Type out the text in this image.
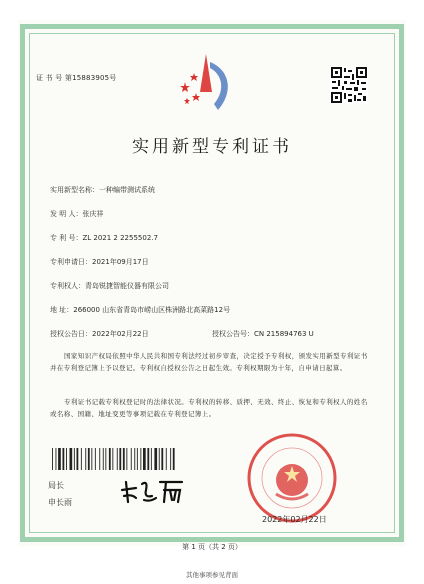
证 书 号 第15883905号
实用新型专利证书
实用新型名称：一种编带测试系统
发 明 人：张庆祥
专 利 号：ZL 2021 2 2255502.7
专利申请日：2021年09月17日
专利权人：青岛锐捷智能仪器有限公司
地 址：266000 山东省青岛市崂山区株洲路北高菜路12号
授权公告日：2022年02月22日	授权公告号：CN 215894763 U
国家知识产权局依照中华人民共和国专利法经过初步审查，决定授予专利权，颁发实用新型专利证书并在专利登记簿上予以登记。专利权自授权公告之日起生效。专利权期限为十年，自申请日起算。
专利证书记载专利权登记时的法律状况。专利权的转移、质押、无效、终止、恢复和专利权人的姓名或名称、国籍、地址变更等事项记载在专利登记簿上。
局长
申长雨
2022年02月22日
第 1 页（共 2 页）
其他事项参见背面
